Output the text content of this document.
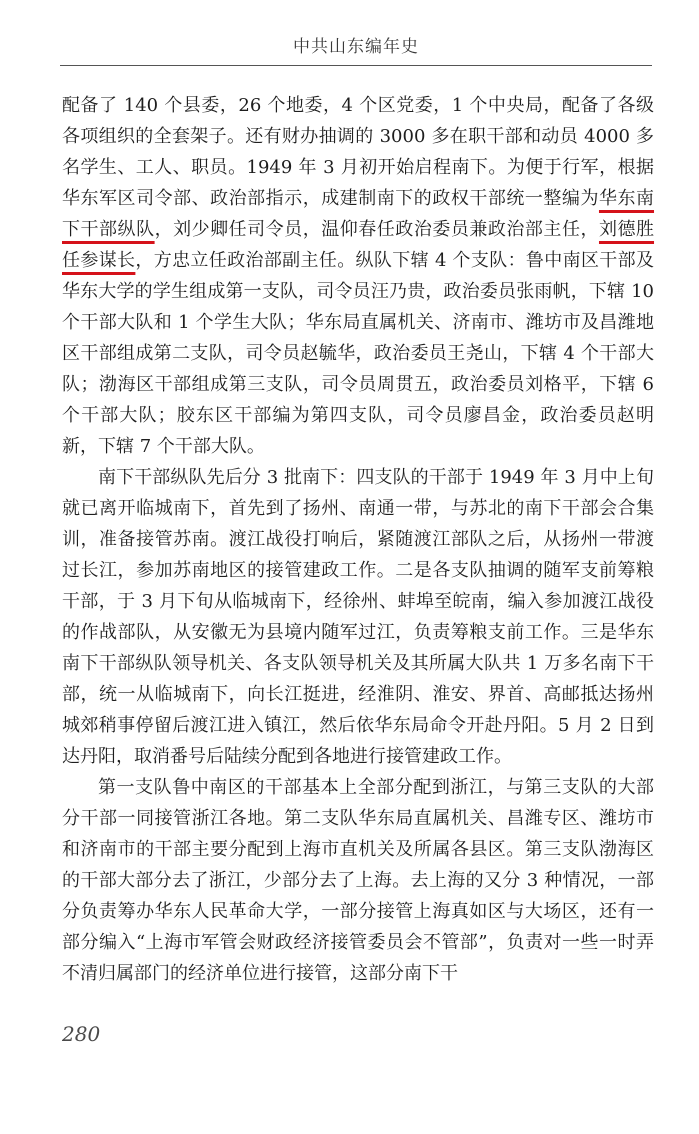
中共山东编年史

配备了 140 个县委，26 个地委，4 个区党委，1 个中央局，配备了各级各项组织的全套架子。还有财办抽调的 3000 多在职干部和动员 4000 多名学生、工人、职员。1949 年 3 月初开始启程南下。为便于行军，根据华东军区司令部、政治部指示，成建制南下的政权干部统一整编为华东南下干部纵队，刘少卿任司令员，温仰春任政治委员兼政治部主任，刘德胜任参谋长，方忠立任政治部副主任。纵队下辖 4 个支队：鲁中南区干部及华东大学的学生组成第一支队，司令员汪乃贵，政治委员张雨帆，下辖 10 个干部大队和 1 个学生大队；华东局直属机关、济南市、潍坊市及昌潍地区干部组成第二支队，司令员赵毓华，政治委员王尧山，下辖 4 个干部大队；渤海区干部组成第三支队，司令员周贯五，政治委员刘格平，下辖 6 个干部大队；胶东区干部编为第四支队，司令员廖昌金，政治委员赵明新，下辖 7 个干部大队。

南下干部纵队先后分 3 批南下：四支队的干部于 1949 年 3 月中上旬就已离开临城南下，首先到了扬州、南通一带，与苏北的南下干部会合集训，准备接管苏南。渡江战役打响后，紧随渡江部队之后，从扬州一带渡过长江，参加苏南地区的接管建政工作。二是各支队抽调的随军支前筹粮干部，于 3 月下旬从临城南下，经徐州、蚌埠至皖南，编入参加渡江战役的作战部队，从安徽无为县境内随军过江，负责筹粮支前工作。三是华东南下干部纵队领导机关、各支队领导机关及其所属大队共 1 万多名南下干部，统一从临城南下，向长江挺进，经淮阴、淮安、界首、高邮抵达扬州城郊稍事停留后渡江进入镇江，然后依华东局命令开赴丹阳。5 月 2 日到达丹阳，取消番号后陆续分配到各地进行接管建政工作。

第一支队鲁中南区的干部基本上全部分配到浙江，与第三支队的大部分干部一同接管浙江各地。第二支队华东局直属机关、昌潍专区、潍坊市和济南市的干部主要分配到上海市直机关及所属各县区。第三支队渤海区的干部大部分去了浙江，少部分去了上海。去上海的又分 3 种情况，一部分负责筹办华东人民革命大学，一部分接管上海真如区与大场区，还有一部分编入“上海市军管会财政经济接管委员会不管部”，负责对一些一时弄不清归属部门的经济单位进行接管，这部分南下干

280
